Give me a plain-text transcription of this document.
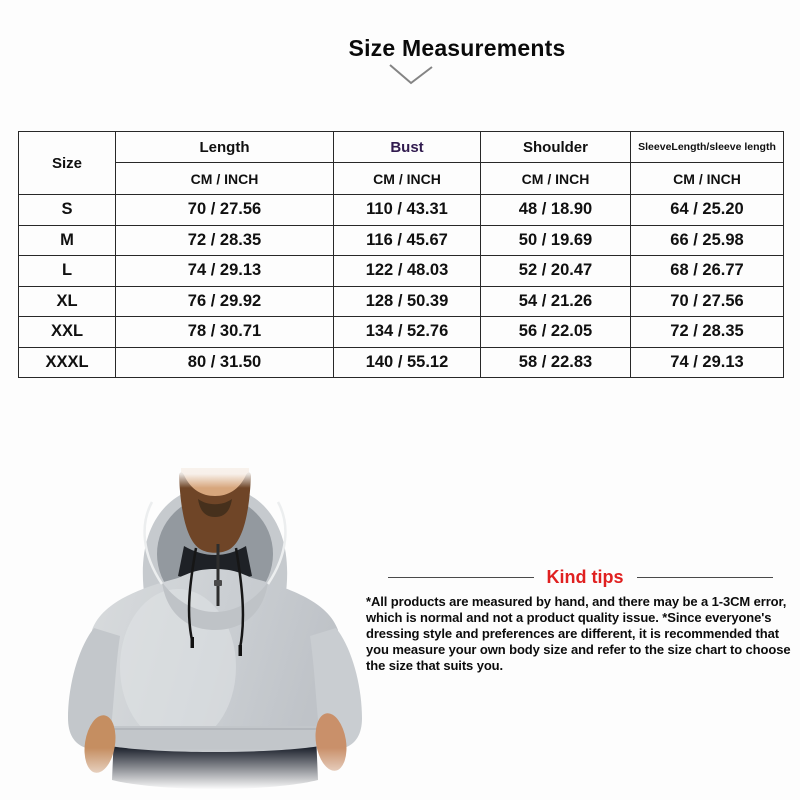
Size Measurements
Size	Length	Bust	Shoulder	SleeveLength/sleeve length
	CM / INCH	CM / INCH	CM / INCH	CM / INCH
S	70 / 27.56	110 / 43.31	48 / 18.90	64 / 25.20
M	72 / 28.35	116 / 45.67	50 / 19.69	66 / 25.98
L	74 / 29.13	122 / 48.03	52 / 20.47	68 / 26.77
XL	76 / 29.92	128 / 50.39	54 / 21.26	70 / 27.56
XXL	78 / 30.71	134 / 52.76	56 / 22.05	72 / 28.35
XXXL	80 / 31.50	140 / 55.12	58 / 22.83	74 / 29.13
Kind tips
*All products are measured by hand, and there may be a 1-3CM error, which is normal and not a product quality issue. *Since everyone's dressing style and preferences are different, it is recommended that you measure your own body size and refer to the size chart to choose the size that suits you.
